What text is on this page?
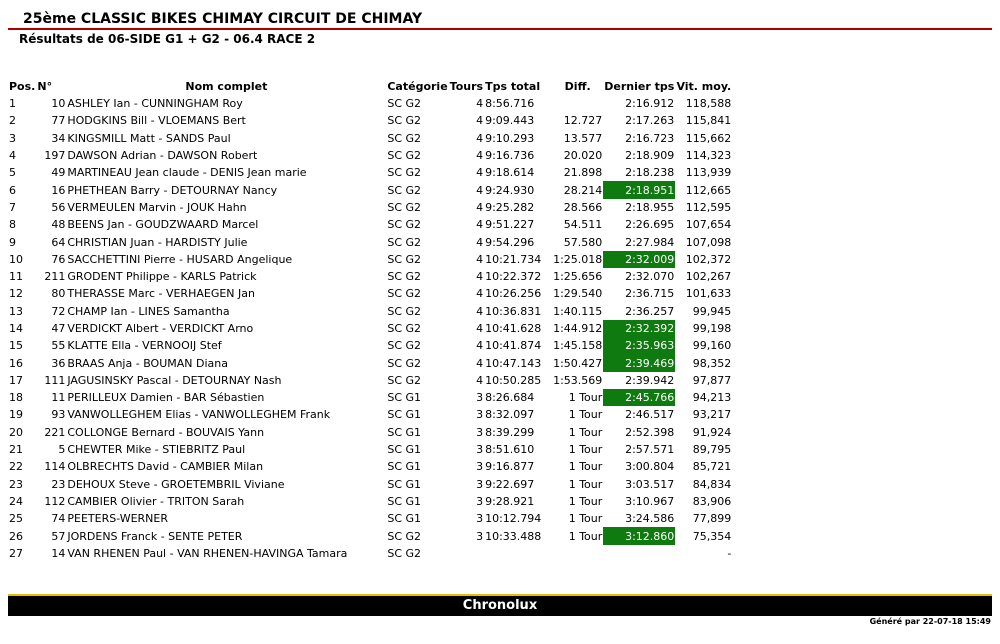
25ème CLASSIC BIKES CHIMAY CIRCUIT DE CHIMAY
Résultats de 06-SIDE G1 + G2 - 06.4 RACE 2
Pos.	N°	Nom complet	Catégorie	Tours	Tps total	Diff.	Dernier tps	Vit. moy.
1	10	ASHLEY Ian - CUNNINGHAM Roy	SC G2	4	8:56.716		2:16.912	118,588
2	77	HODGKINS Bill - VLOEMANS Bert	SC G2	4	9:09.443	12.727	2:17.263	115,841
3	34	KINGSMILL Matt - SANDS Paul	SC G2	4	9:10.293	13.577	2:16.723	115,662
4	197	DAWSON Adrian - DAWSON Robert	SC G2	4	9:16.736	20.020	2:18.909	114,323
5	49	MARTINEAU Jean claude - DENIS Jean marie	SC G2	4	9:18.614	21.898	2:18.238	113,939
6	16	PHETHEAN Barry - DETOURNAY Nancy	SC G2	4	9:24.930	28.214	2:18.951	112,665
7	56	VERMEULEN Marvin - JOUK Hahn	SC G2	4	9:25.282	28.566	2:18.955	112,595
8	48	BEENS Jan - GOUDZWAARD Marcel	SC G2	4	9:51.227	54.511	2:26.695	107,654
9	64	CHRISTIAN Juan - HARDISTY Julie	SC G2	4	9:54.296	57.580	2:27.984	107,098
10	76	SACCHETTINI Pierre - HUSARD Angelique	SC G2	4	10:21.734	1:25.018	2:32.009	102,372
11	211	GRODENT Philippe - KARLS Patrick	SC G2	4	10:22.372	1:25.656	2:32.070	102,267
12	80	THERASSE Marc - VERHAEGEN Jan	SC G2	4	10:26.256	1:29.540	2:36.715	101,633
13	72	CHAMP Ian - LINES Samantha	SC G2	4	10:36.831	1:40.115	2:36.257	99,945
14	47	VERDICKT Albert - VERDICKT Arno	SC G2	4	10:41.628	1:44.912	2:32.392	99,198
15	55	KLATTE Ella - VERNOOIJ Stef	SC G2	4	10:41.874	1:45.158	2:35.963	99,160
16	36	BRAAS Anja - BOUMAN Diana	SC G2	4	10:47.143	1:50.427	2:39.469	98,352
17	111	JAGUSINSKY Pascal - DETOURNAY Nash	SC G2	4	10:50.285	1:53.569	2:39.942	97,877
18	11	PERILLEUX Damien - BAR Sébastien	SC G1	3	8:26.684	1 Tour	2:45.766	94,213
19	93	VANWOLLEGHEM Elias - VANWOLLEGHEM Frank	SC G1	3	8:32.097	1 Tour	2:46.517	93,217
20	221	COLLONGE Bernard - BOUVAIS Yann	SC G1	3	8:39.299	1 Tour	2:52.398	91,924
21	5	CHEWTER Mike - STIEBRITZ Paul	SC G1	3	8:51.610	1 Tour	2:57.571	89,795
22	114	OLBRECHTS David - CAMBIER Milan	SC G1	3	9:16.877	1 Tour	3:00.804	85,721
23	23	DEHOUX Steve - GROETEMBRIL Viviane	SC G1	3	9:22.697	1 Tour	3:03.517	84,834
24	112	CAMBIER Olivier - TRITON Sarah	SC G1	3	9:28.921	1 Tour	3:10.967	83,906
25	74	PEETERS-WERNER	SC G1	3	10:12.794	1 Tour	3:24.586	77,899
26	57	JORDENS Franck - SENTE PETER	SC G2	3	10:33.488	1 Tour	3:12.860	75,354
27	14	VAN RHENEN Paul - VAN RHENEN-HAVINGA Tamara	SC G2					-
Chronolux
Généré par 22-07-18 15:49
